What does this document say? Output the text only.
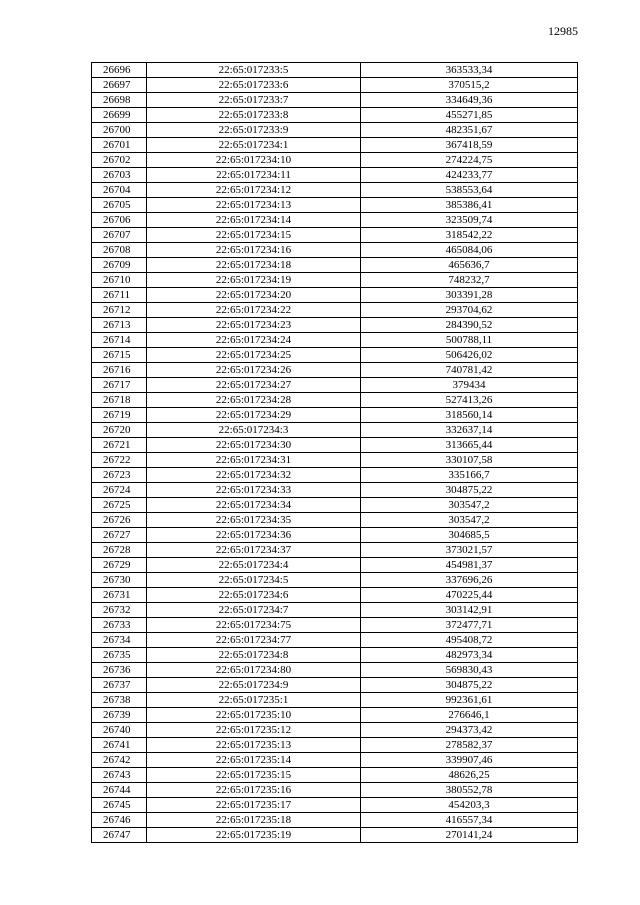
12985
26696	22:65:017233:5	363533,34
26697	22:65:017233:6	370515,2
26698	22:65:017233:7	334649,36
26699	22:65:017233:8	455271,85
26700	22:65:017233:9	482351,67
26701	22:65:017234:1	367418,59
26702	22:65:017234:10	274224,75
26703	22:65:017234:11	424233,77
26704	22:65:017234:12	538553,64
26705	22:65:017234:13	385386,41
26706	22:65:017234:14	323509,74
26707	22:65:017234:15	318542,22
26708	22:65:017234:16	465084,06
26709	22:65:017234:18	465636,7
26710	22:65:017234:19	748232,7
26711	22:65:017234:20	303391,28
26712	22:65:017234:22	293704,62
26713	22:65:017234:23	284390,52
26714	22:65:017234:24	500788,11
26715	22:65:017234:25	506426,02
26716	22:65:017234:26	740781,42
26717	22:65:017234:27	379434
26718	22:65:017234:28	527413,26
26719	22:65:017234:29	318560,14
26720	22:65:017234:3	332637,14
26721	22:65:017234:30	313665,44
26722	22:65:017234:31	330107,58
26723	22:65:017234:32	335166,7
26724	22:65:017234:33	304875,22
26725	22:65:017234:34	303547,2
26726	22:65:017234:35	303547,2
26727	22:65:017234:36	304685,5
26728	22:65:017234:37	373021,57
26729	22:65:017234:4	454981,37
26730	22:65:017234:5	337696,26
26731	22:65:017234:6	470225,44
26732	22:65:017234:7	303142,91
26733	22:65:017234:75	372477,71
26734	22:65:017234:77	495408,72
26735	22:65:017234:8	482973,34
26736	22:65:017234:80	569830,43
26737	22:65:017234:9	304875,22
26738	22:65:017235:1	992361,61
26739	22:65:017235:10	276646,1
26740	22:65:017235:12	294373,42
26741	22:65:017235:13	278582,37
26742	22:65:017235:14	339907,46
26743	22:65:017235:15	48626,25
26744	22:65:017235:16	380552,78
26745	22:65:017235:17	454203,3
26746	22:65:017235:18	416557,34
26747	22:65:017235:19	270141,24
